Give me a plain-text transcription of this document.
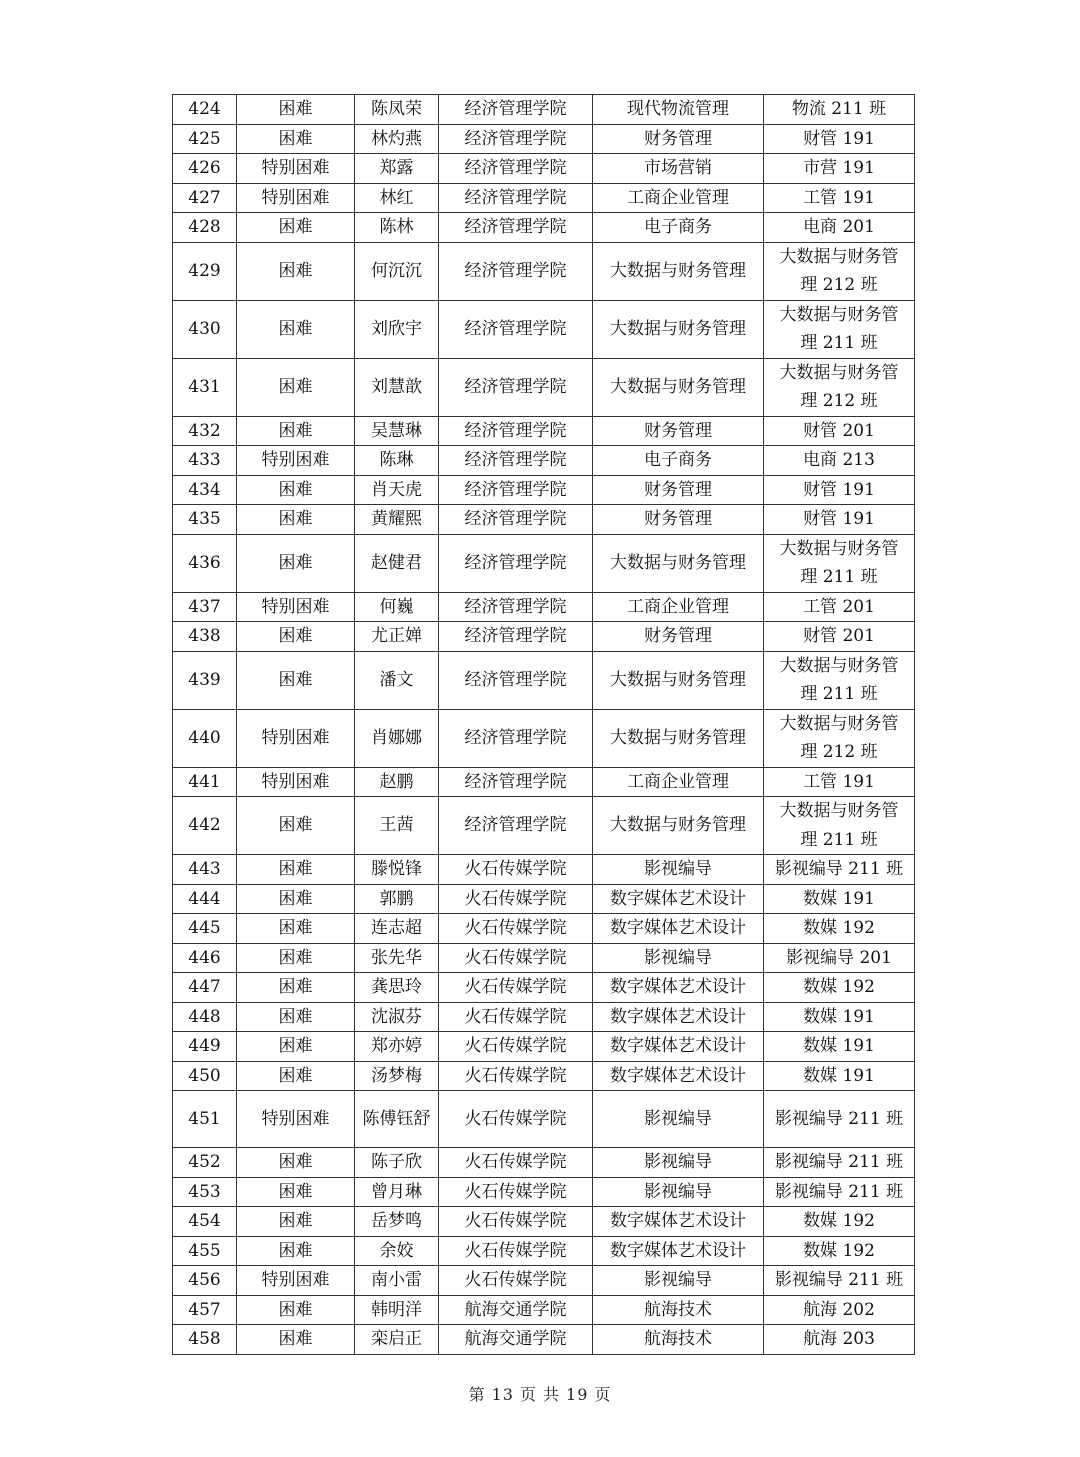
424	困难	陈凤荣	经济管理学院	现代物流管理	物流 211 班
425	困难	林灼燕	经济管理学院	财务管理	财管 191
426	特别困难	郑露	经济管理学院	市场营销	市营 191
427	特别困难	林红	经济管理学院	工商企业管理	工管 191
428	困难	陈林	经济管理学院	电子商务	电商 201
429	困难	何沉沉	经济管理学院	大数据与财务管理	大数据与财务管理 212 班
430	困难	刘欣宇	经济管理学院	大数据与财务管理	大数据与财务管理 211 班
431	困难	刘慧歆	经济管理学院	大数据与财务管理	大数据与财务管理 212 班
432	困难	吴慧琳	经济管理学院	财务管理	财管 201
433	特别困难	陈琳	经济管理学院	电子商务	电商 213
434	困难	肖天虎	经济管理学院	财务管理	财管 191
435	困难	黄耀熙	经济管理学院	财务管理	财管 191
436	困难	赵健君	经济管理学院	大数据与财务管理	大数据与财务管理 211 班
437	特别困难	何巍	经济管理学院	工商企业管理	工管 201
438	困难	尤正婵	经济管理学院	财务管理	财管 201
439	困难	潘文	经济管理学院	大数据与财务管理	大数据与财务管理 211 班
440	特别困难	肖娜娜	经济管理学院	大数据与财务管理	大数据与财务管理 212 班
441	特别困难	赵鹏	经济管理学院	工商企业管理	工管 191
442	困难	王茜	经济管理学院	大数据与财务管理	大数据与财务管理 211 班
443	困难	滕悦锋	火石传媒学院	影视编导	影视编导 211 班
444	困难	郭鹏	火石传媒学院	数字媒体艺术设计	数媒 191
445	困难	连志超	火石传媒学院	数字媒体艺术设计	数媒 192
446	困难	张先华	火石传媒学院	影视编导	影视编导 201
447	困难	龚思玲	火石传媒学院	数字媒体艺术设计	数媒 192
448	困难	沈淑芬	火石传媒学院	数字媒体艺术设计	数媒 191
449	困难	郑亦婷	火石传媒学院	数字媒体艺术设计	数媒 191
450	困难	汤梦梅	火石传媒学院	数字媒体艺术设计	数媒 191
451	特别困难	陈傅钰舒	火石传媒学院	影视编导	影视编导 211 班
452	困难	陈子欣	火石传媒学院	影视编导	影视编导 211 班
453	困难	曾月琳	火石传媒学院	影视编导	影视编导 211 班
454	困难	岳梦鸣	火石传媒学院	数字媒体艺术设计	数媒 192
455	困难	余姣	火石传媒学院	数字媒体艺术设计	数媒 192
456	特别困难	南小雷	火石传媒学院	影视编导	影视编导 211 班
457	困难	韩明洋	航海交通学院	航海技术	航海 202
458	困难	栾启正	航海交通学院	航海技术	航海 203
第 13 页 共 19 页
